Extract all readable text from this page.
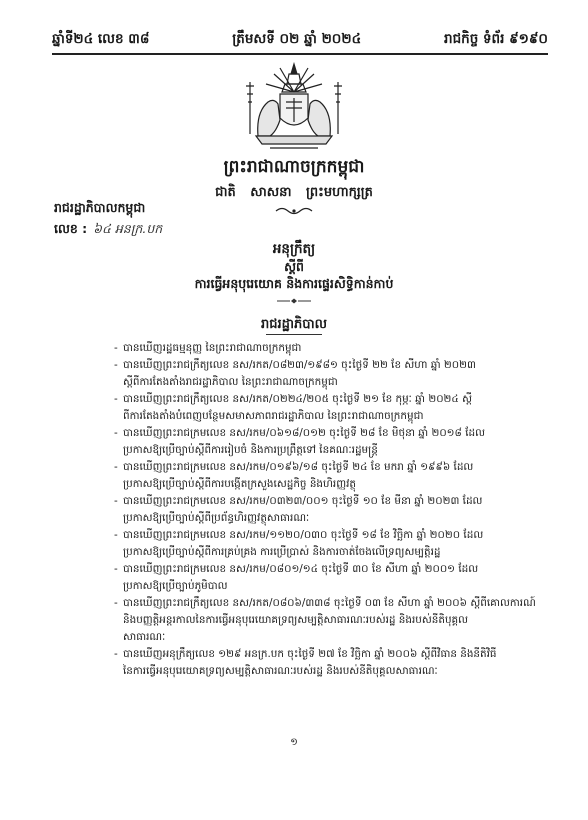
ឆ្នាំទី២៤ លេខ ៣៨	ត្រឹមសទី ០២ ឆ្នាំ ២០២៤	រាជកិច្ច ទំព័រ ៩១៩០
ព្រះរាជាណាចក្រកម្ពុជា
ជាតិ សាសនា ព្រះមហាក្សត្រ
រាជរដ្ឋាភិបាលកម្ពុជា
លេខ : ៦៤ អនក្រ.បក
អនុក្រឹត្យ
ស្ដីពី
ការធ្វើអនុបុរេយោគ និងការផ្ទេរសិទ្ធិកាន់កាប់
រាជរដ្ឋាភិបាល
- បានឃើញរដ្ឋធម្មនុញ្ញ នៃព្រះរាជាណាចក្រកម្ពុជា
- បានឃើញព្រះរាជក្រឹត្យលេខ នស/រកត/០៨២៣/១៩៨១ ចុះថ្ងៃទី ២២ ខែ សីហា ឆ្នាំ ២០២៣
ស្ដីពីការតែងតាំងរាជរដ្ឋាភិបាល នៃព្រះរាជាណាចក្រកម្ពុជា
- បានឃើញព្រះរាជក្រឹត្យលេខ នស/រកត/០២២៤/២០៥ ចុះថ្ងៃទី ២១ ខែ កុម្ភៈ ឆ្នាំ ២០២៤ ស្ដី
ពីការតែងតាំងបំពេញបន្ថែមសមាសភាពរាជរដ្ឋាភិបាល នៃព្រះរាជាណាចក្រកម្ពុជា
- បានឃើញព្រះរាជក្រមលេខ នស/រកម/០៦១៨/០១២ ចុះថ្ងៃទី ២៨ ខែ មិថុនា ឆ្នាំ ២០១៨ ដែល
ប្រកាសឱ្យប្រើច្បាប់ស្ដីពីការរៀបចំ និងការប្រព្រឹត្តទៅ នៃគណៈរដ្ឋមន្ត្រី
- បានឃើញព្រះរាជក្រមលេខ នស/រកម/០១៩៦/១៨ ចុះថ្ងៃទី ២៤ ខែ មករា ឆ្នាំ ១៩៩៦ ដែល
ប្រកាសឱ្យប្រើច្បាប់ស្ដីពីការបង្កើតក្រសួងសេដ្ឋកិច្ច និងហិរញ្ញវត្ថុ
- បានឃើញព្រះរាជក្រមលេខ នស/រកម/០៣២៣/០០១ ចុះថ្ងៃទី ១០ ខែ មីនា ឆ្នាំ ២០២៣ ដែល
ប្រកាសឱ្យប្រើច្បាប់ស្ដីពីប្រព័ន្ធហិរញ្ញវត្ថុសាធារណៈ
- បានឃើញព្រះរាជក្រមលេខ នស/រកម/១១២០/០៣០ ចុះថ្ងៃទី ១៨ ខែ វិច្ឆិកា ឆ្នាំ ២០២០ ដែល
ប្រកាសឱ្យប្រើច្បាប់ស្ដីពីការគ្រប់គ្រង ការប្រើប្រាស់ និងការចាត់ចែងលើទ្រព្យសម្បត្តិរដ្ឋ
- បានឃើញព្រះរាជក្រមលេខ នស/រកម/០៨០១/១៤ ចុះថ្ងៃទី ៣០ ខែ សីហា ឆ្នាំ ២០០១ ដែល
ប្រកាសឱ្យប្រើច្បាប់ភូមិបាល
- បានឃើញព្រះរាជក្រឹត្យលេខ នស/រកត/០៨០៦/៣៣៨ ចុះថ្ងៃទី ០៣ ខែ សីហា ឆ្នាំ ២០០៦ ស្ដីពីគោលការណ៍
និងបញ្ញត្តិអន្តរកាលនៃការធ្វើអនុបុរេយោគទ្រព្យសម្បត្តិសាធារណៈរបស់រដ្ឋ និងរបស់នីតិបុគ្គល
សាធារណៈ
- បានឃើញអនុក្រឹត្យលេខ ១២៩ អនក្រ.បក ចុះថ្ងៃទី ២៧ ខែ វិច្ឆិកា ឆ្នាំ ២០០៦ ស្ដីពីវិធាន និងនីតិវិធី
នៃការធ្វើអនុបុរេយោគទ្រព្យសម្បត្តិសាធារណៈរបស់រដ្ឋ និងរបស់នីតិបុគ្គលសាធារណៈ
១
